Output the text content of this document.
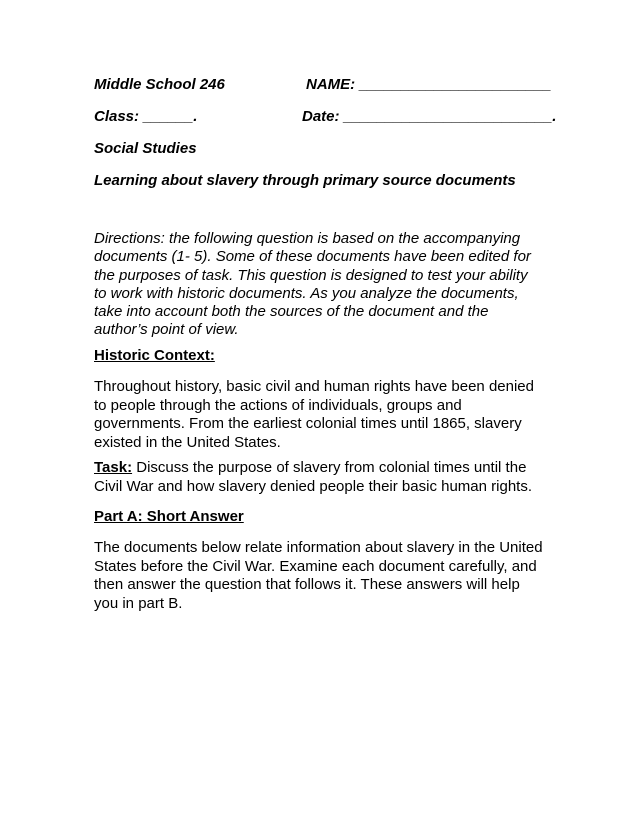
Middle School 246	NAME: _______________________
Class: ______.	Date: _________________________.
Social Studies
Learning about slavery through primary source documents
Directions: the following question is based on the accompanying documents (1- 5). Some of these documents have been edited for the purposes of task. This question is designed to test your ability to work with historic documents. As you analyze the documents, take into account both the sources of the document and the author’s point of view.
Historic Context:
Throughout history, basic civil and human rights have been denied to people through the actions of individuals, groups and governments. From the earliest colonial times until 1865, slavery existed in the United States.
Task: Discuss the purpose of slavery from colonial times until the Civil War and how slavery denied people their basic human rights.
Part A: Short Answer
The documents below relate information about slavery in the United States before the Civil War. Examine each document carefully, and then answer the question that follows it. These answers will help you in part B.
